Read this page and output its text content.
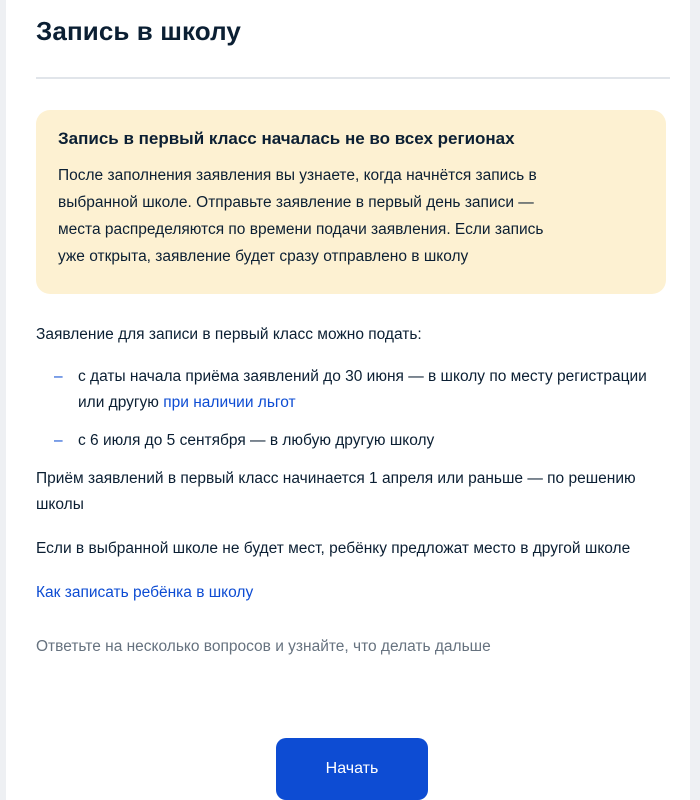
Запись в школу

Запись в первый класс началась не во всех регионах

После заполнения заявления вы узнаете, когда начнётся запись в
выбранной школе. Отправьте заявление в первый день записи —
места распределяются по времени подачи заявления. Если запись
уже открыта, заявление будет сразу отправлено в школу

Заявление для записи в первый класс можно подать:

– с даты начала приёма заявлений до 30 июня — в школу по месту регистрации или другую при наличии льгот
– с 6 июля до 5 сентября — в любую другую школу

Приём заявлений в первый класс начинается 1 апреля или раньше — по решению школы

Если в выбранной школе не будет мест, ребёнку предложат место в другой школе

Как записать ребёнка в школу

Ответьте на несколько вопросов и узнайте, что делать дальше

Начать
